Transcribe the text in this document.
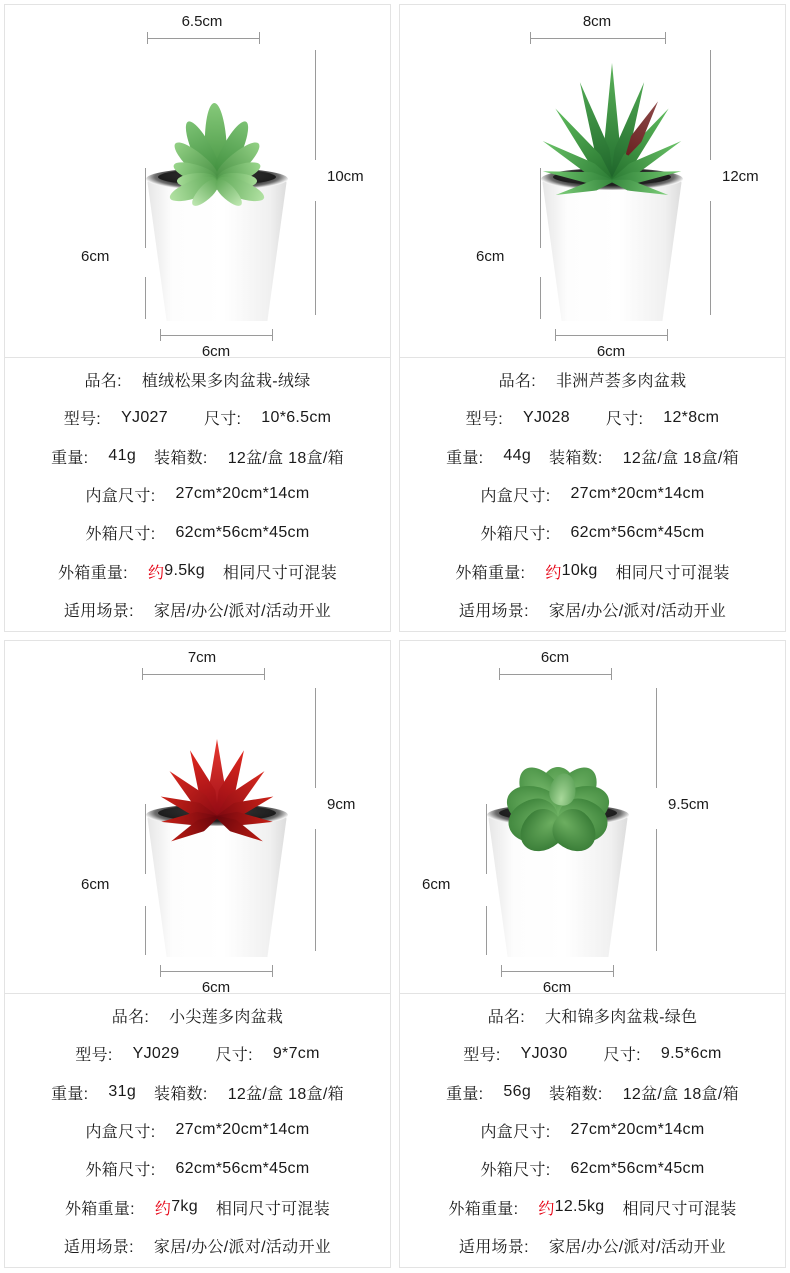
6.5cm
10cm
6cm
6cm
品名: 植绒松果多肉盆栽-绒绿
型号: YJ027 尺寸: 10*6.5cm
重量: 41g 装箱数: 12盆/盒 18盒/箱
内盒尺寸: 27cm*20cm*14cm
外箱尺寸: 62cm*56cm*45cm
外箱重量: 约 9.5kg 相同尺寸可混装
适用场景: 家居/办公/派对/活动开业
8cm
12cm
6cm
6cm
品名: 非洲芦荟多肉盆栽
型号: YJ028 尺寸: 12*8cm
重量: 44g 装箱数: 12盆/盒 18盒/箱
内盒尺寸: 27cm*20cm*14cm
外箱尺寸: 62cm*56cm*45cm
外箱重量: 约 10kg 相同尺寸可混装
适用场景: 家居/办公/派对/活动开业
7cm
9cm
6cm
6cm
品名: 小尖莲多肉盆栽
型号: YJ029 尺寸: 9*7cm
重量: 31g 装箱数: 12盆/盒 18盒/箱
内盒尺寸: 27cm*20cm*14cm
外箱尺寸: 62cm*56cm*45cm
外箱重量: 约 7kg 相同尺寸可混装
适用场景: 家居/办公/派对/活动开业
6cm
9.5cm
6cm
6cm
品名: 大和锦多肉盆栽-绿色
型号: YJ030 尺寸: 9.5*6cm
重量: 56g 装箱数: 12盆/盒 18盒/箱
内盒尺寸: 27cm*20cm*14cm
外箱尺寸: 62cm*56cm*45cm
外箱重量: 约 12.5kg 相同尺寸可混装
适用场景: 家居/办公/派对/活动开业
